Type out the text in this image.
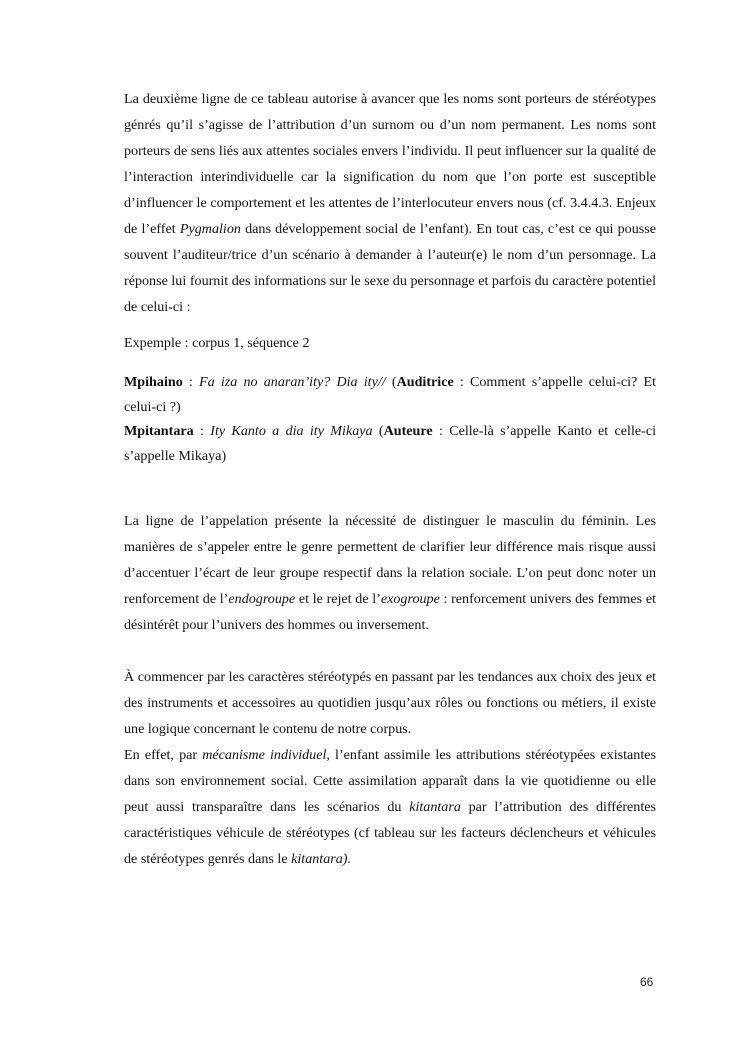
La deuxième ligne de ce tableau autorise à avancer que les noms sont porteurs de stéréotypes génrés qu’il s’agisse de l’attribution d’un surnom ou d’un nom permanent. Les noms sont porteurs de sens liés aux attentes sociales envers l’individu. Il peut influencer sur la qualité de l’interaction interindividuelle car la signification du nom que l’on porte est susceptible d’influencer le comportement et les attentes de l’interlocuteur envers nous (cf. 3.4.4.3. Enjeux de l’effet Pygmalion dans développement social de l’enfant). En tout cas, c’est ce qui pousse souvent l’auditeur/trice d’un scénario à demander à l’auteur(e) le nom d’un personnage. La réponse lui fournit des informations sur le sexe du personnage et parfois du caractère potentiel de celui-ci :

Expemple : corpus 1, séquence 2

Mpihaino : Fa iza no anaran’ity? Dia ity// (Auditrice : Comment s’appelle celui-ci? Et celui-ci ?)

Mpitantara : Ity Kanto a dia ity Mikaya (Auteure : Celle-là s’appelle Kanto et celle-ci s’appelle Mikaya)

La ligne de l’appelation présente la nécessité de distinguer le masculin du féminin. Les manières de s’appeler entre le genre permettent de clarifier leur différence mais risque aussi d’accentuer l’écart de leur groupe respectif dans la relation sociale. L’on peut donc noter un renforcement de l’endogroupe et le rejet de l’exogroupe : renforcement univers des femmes et désintérêt pour l’univers des hommes ou inversement.

À commencer par les caractères stéréotypés en passant par les tendances aux choix des jeux et des instruments et accessoires au quotidien jusqu’aux rôles ou fonctions ou métiers, il existe une logique concernant le contenu de notre corpus.

En effet, par mécanisme individuel, l’enfant assimile les attributions stéréotypées existantes dans son environnement social. Cette assimilation apparaît dans la vie quotidienne ou elle peut aussi transparaître dans les scénarios du kitantara par l’attribution des différentes caractéristiques véhicule de stéréotypes (cf tableau sur les facteurs déclencheurs et véhicules de stéréotypes genrés dans le kitantara).

66
